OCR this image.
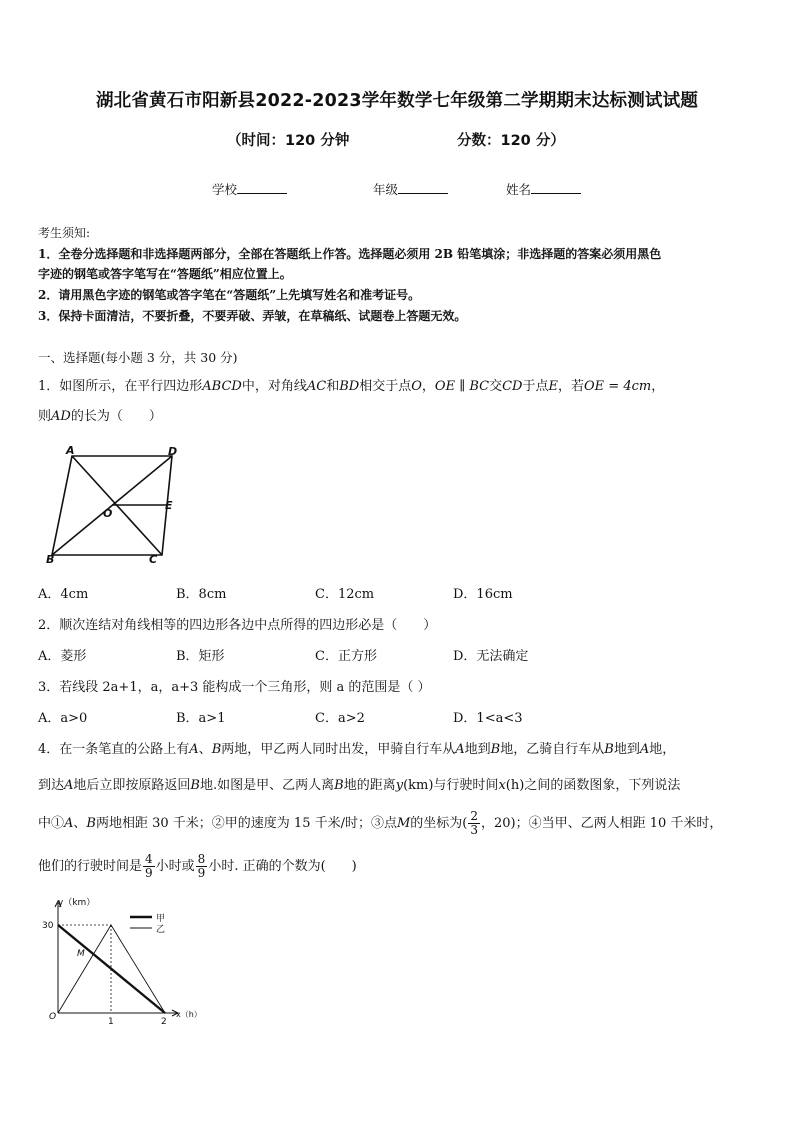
湖北省黄石市阳新县2022-2023学年数学七年级第二学期期末达标测试试题
（时间：120 分钟	分数：120 分）
学校	年级	姓名
考生须知:
1．全卷分选择题和非选择题两部分，全部在答题纸上作答。选择题必须用 2B 铅笔填涂；非选择题的答案必须用黑色
字迹的钢笔或答字笔写在“答题纸”相应位置上。
2．请用黑色字迹的钢笔或答字笔在“答题纸”上先填写姓名和准考证号。
3．保持卡面清洁，不要折叠，不要弄破、弄皱，在草稿纸、试题卷上答题无效。
一、选择题(每小题 3 分，共 30 分)
1．如图所示，在平行四边形ABCD中，对角线AC和BD相交于点O，OE ∥ BC交CD于点E，若OE = 4cm，
则AD的长为（　　）
A	D
E
O
B	C
A．4cm	B．8cm	C．12cm	D．16cm
2．顺次连结对角线相等的四边形各边中点所得的四边形必是（　　）
A．菱形	B．矩形	C．正方形	D．无法确定
3．若线段 2a+1，a，a+3 能构成一个三角形，则 a 的范围是（ ）
A．a>0	B．a>1	C．a>2	D．1<a<3
4．在一条笔直的公路上有A、B两地，甲乙两人同时出发，甲骑自行车从A地到B地，乙骑自行车从B地到A地，
到达A地后立即按原路返回B地.如图是甲、乙两人离B地的距离y(km)与行驶时间x(h)之间的函数图象，下列说法
中①A、B两地相距 30 千米；②甲的速度为 15 千米/时；③点M的坐标为( $\frac{2}{3}$ ，20)；④当甲、乙两人相距 10 千米时，
他们的行驶时间是 $\frac{4}{9}$ 小时或 $\frac{8}{9}$ 小时. 正确的个数为(　　)
y（km）
x（h）
30
O	1	2
M
甲
乙
